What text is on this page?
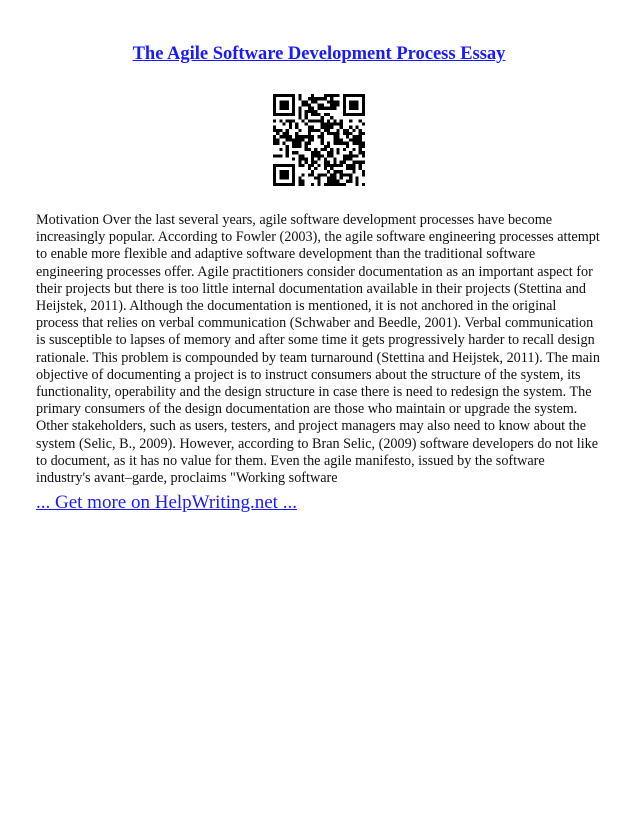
The Agile Software Development Process Essay

Motivation Over the last several years, agile software development processes have become increasingly popular. According to Fowler (2003), the agile software engineering processes attempt to enable more flexible and adaptive software development than the traditional software engineering processes offer. Agile practitioners consider documentation as an important aspect for their projects but there is too little internal documentation available in their projects (Stettina and Heijstek, 2011). Although the documentation is mentioned, it is not anchored in the original process that relies on verbal communication (Schwaber and Beedle, 2001). Verbal communication is susceptible to lapses of memory and after some time it gets progressively harder to recall design rationale. This problem is compounded by team turnaround (Stettina and Heijstek, 2011). The main objective of documenting a project is to instruct consumers about the structure of the system, its functionality, operability and the design structure in case there is need to redesign the system. The primary consumers of the design documentation are those who maintain or upgrade the system. Other stakeholders, such as users, testers, and project managers may also need to know about the system (Selic, B., 2009). However, according to Bran Selic, (2009) software developers do not like to document, as it has no value for them. Even the agile manifesto, issued by the software industry's avant–garde, proclaims "Working software

... Get more on HelpWriting.net ...
